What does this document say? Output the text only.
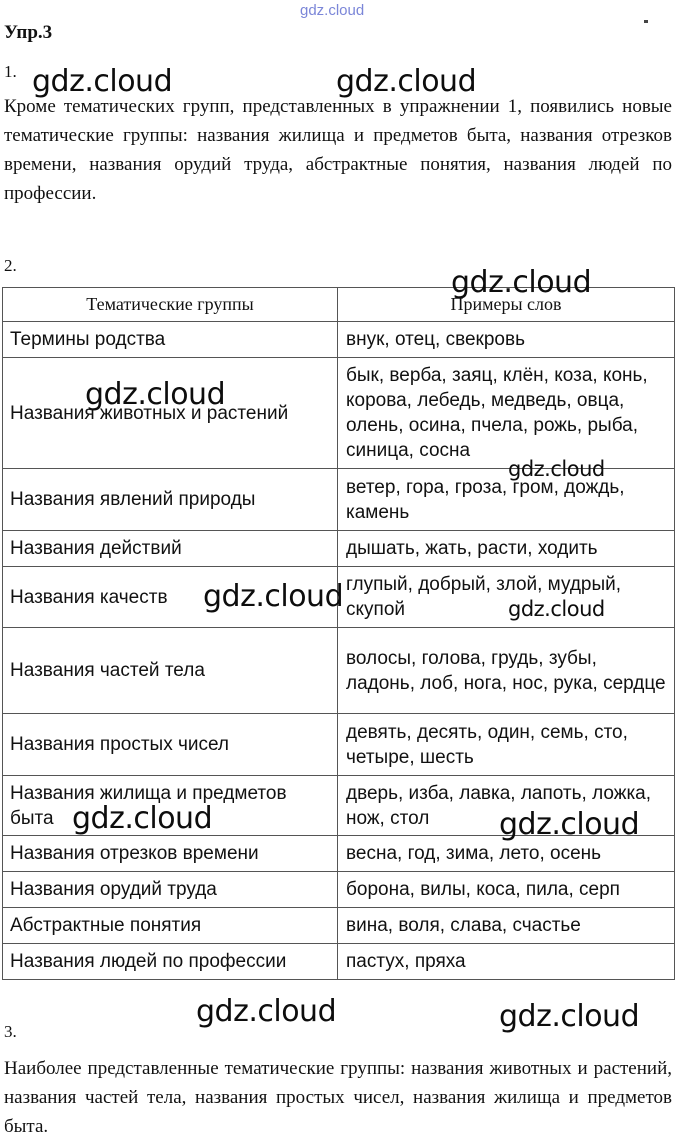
gdz.cloud
Упр.3
1.

Кроме тематических групп, представленных в упражнении 1, появились новые тематические группы: названия жилища и предметов быта, названия отрезков времени, названия орудий труда, абстрактные понятия, названия людей по профессии.

2.
Тематические группы	Примеры слов
Термины родства	внук, отец, свекровь
Названия животных и растений	бык, верба, заяц, клён, коза, конь, корова, лебедь, медведь, овца, олень, осина, пчела, рожь, рыба, синица, сосна
Названия явлений природы	ветер, гора, гроза, гром, дождь, камень
Названия действий	дышать, жать, расти, ходить
Названия качеств	глупый, добрый, злой, мудрый, скупой
Названия частей тела	волосы, голова, грудь, зубы, ладонь, лоб, нога, нос, рука, сердце
Названия простых чисел	девять, десять, один, семь, сто, четыре, шесть
Названия жилища и предметов быта	дверь, изба, лавка, лапоть, ложка, нож, стол
Названия отрезков времени	весна, год, зима, лето, осень
Названия орудий труда	борона, вилы, коса, пила, серп
Абстрактные понятия	вина, воля, слава, счастье
Названия людей по профессии	пастух, пряха
3.

Наиболее представленные тематические группы: названия животных и растений, названия частей тела, названия простых чисел, названия жилища и предметов быта.

gdz.cloud	gdz.cloud
gdz.cloud
gdz.cloud
gdz.cloud
gdz.cloud	gdz.cloud
gdz.cloud	gdz.cloud
gdz.cloud	gdz.cloud
